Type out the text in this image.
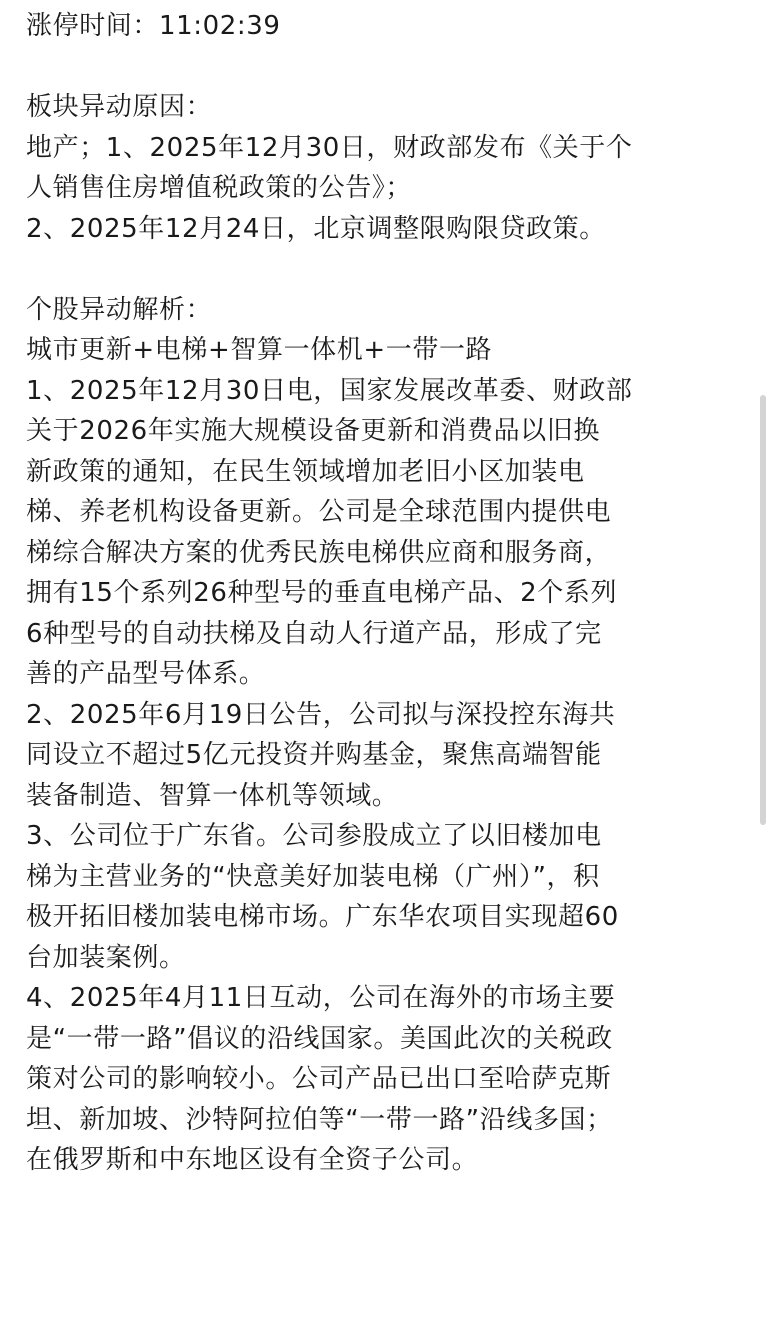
涨停时间：11:02:39
板块异动原因：
地产；1、2025年12月30日，财政部发布《关于个
人销售住房增值税政策的公告》；
2、2025年12月24日，北京调整限购限贷政策。
个股异动解析：
城市更新+电梯+智算一体机+一带一路
1、2025年12月30日电，国家发展改革委、财政部
关于2026年实施大规模设备更新和消费品以旧换
新政策的通知，在民生领域增加老旧小区加装电
梯、养老机构设备更新。公司是全球范围内提供电
梯综合解决方案的优秀民族电梯供应商和服务商，
拥有15个系列26种型号的垂直电梯产品、2个系列
6种型号的自动扶梯及自动人行道产品，形成了完
善的产品型号体系。
2、2025年6月19日公告，公司拟与深投控东海共
同设立不超过5亿元投资并购基金，聚焦高端智能
装备制造、智算一体机等领域。
3、公司位于广东省。公司参股成立了以旧楼加电
梯为主营业务的“快意美好加装电梯（广州）”，积
极开拓旧楼加装电梯市场。广东华农项目实现超60
台加装案例。
4、2025年4月11日互动，公司在海外的市场主要
是“一带一路”倡议的沿线国家。美国此次的关税政
策对公司的影响较小。公司产品已出口至哈萨克斯
坦、新加坡、沙特阿拉伯等“一带一路”沿线多国；
在俄罗斯和中东地区设有全资子公司。
